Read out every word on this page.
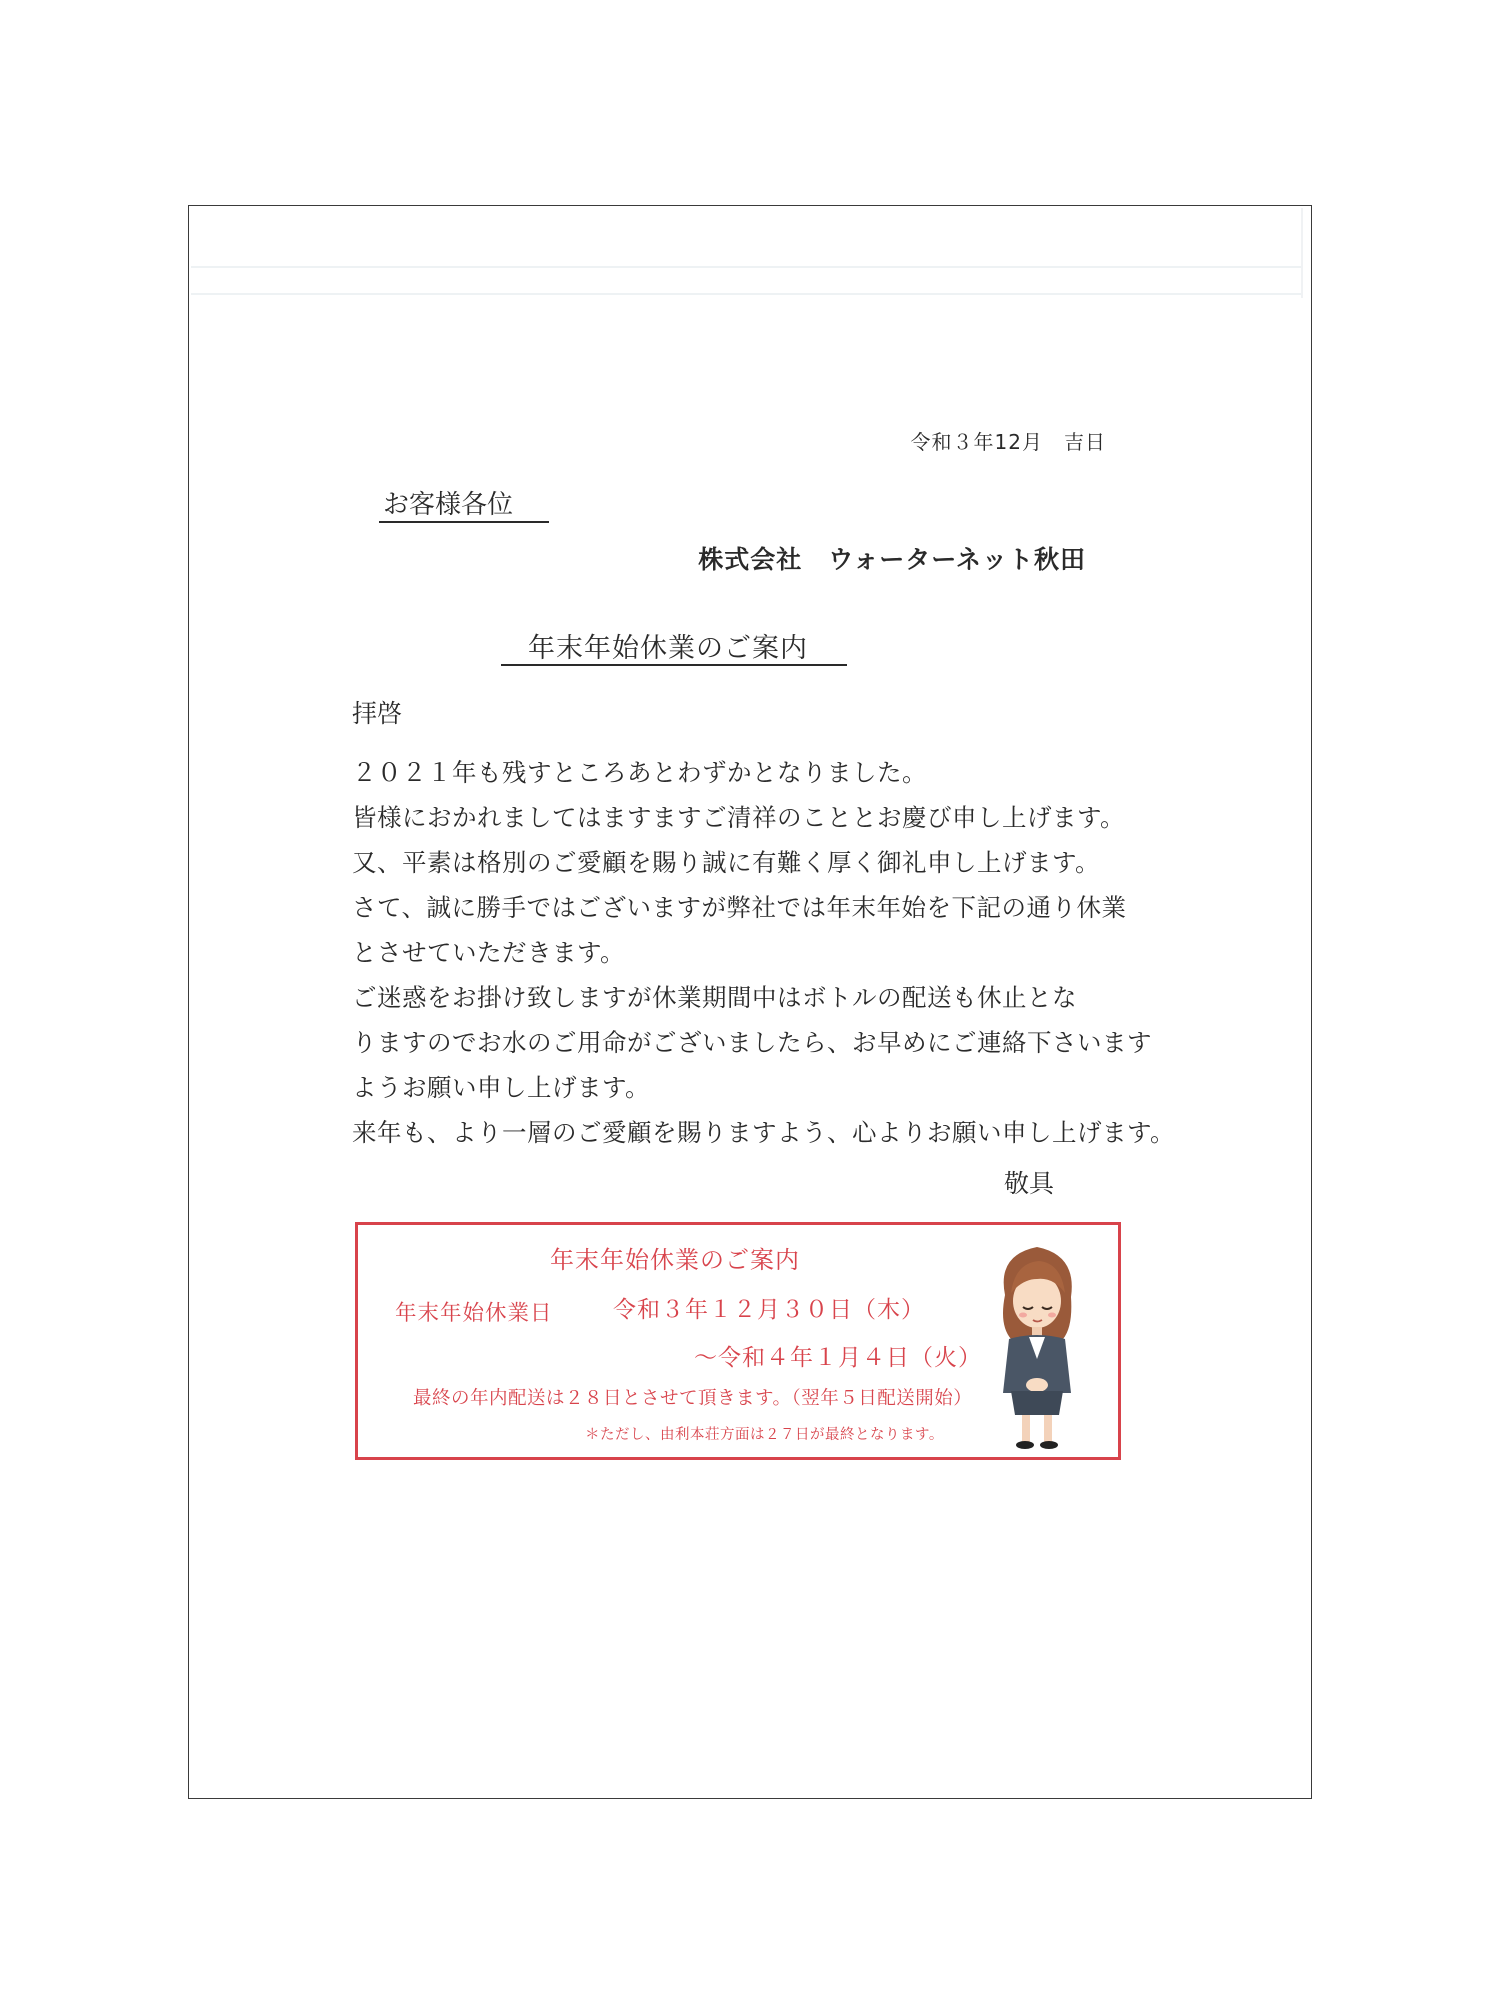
令和３年12月　吉日
お客様各位
株式会社　ウォーターネット秋田
年末年始休業のご案内
拝啓
２０２１年も残すところあとわずかとなりました。
皆様におかれましてはますますご清祥のこととお慶び申し上げます。
又、平素は格別のご愛顧を賜り誠に有難く厚く御礼申し上げます。
さて、誠に勝手ではございますが弊社では年末年始を下記の通り休業
とさせていただきます。
ご迷惑をお掛け致しますが休業期間中はボトルの配送も休止とな
りますのでお水のご用命がございましたら、お早めにご連絡下さいます
ようお願い申し上げます。
来年も、より一層のご愛顧を賜りますよう、心よりお願い申し上げます。
敬具
年末年始休業のご案内
年末年始休業日	令和３年１２月３０日（木）
～令和４年１月４日（火）
最終の年内配送は２８日とさせて頂きます。（翌年５日配送開始）
＊ただし、由利本荘方面は２７日が最終となります。
